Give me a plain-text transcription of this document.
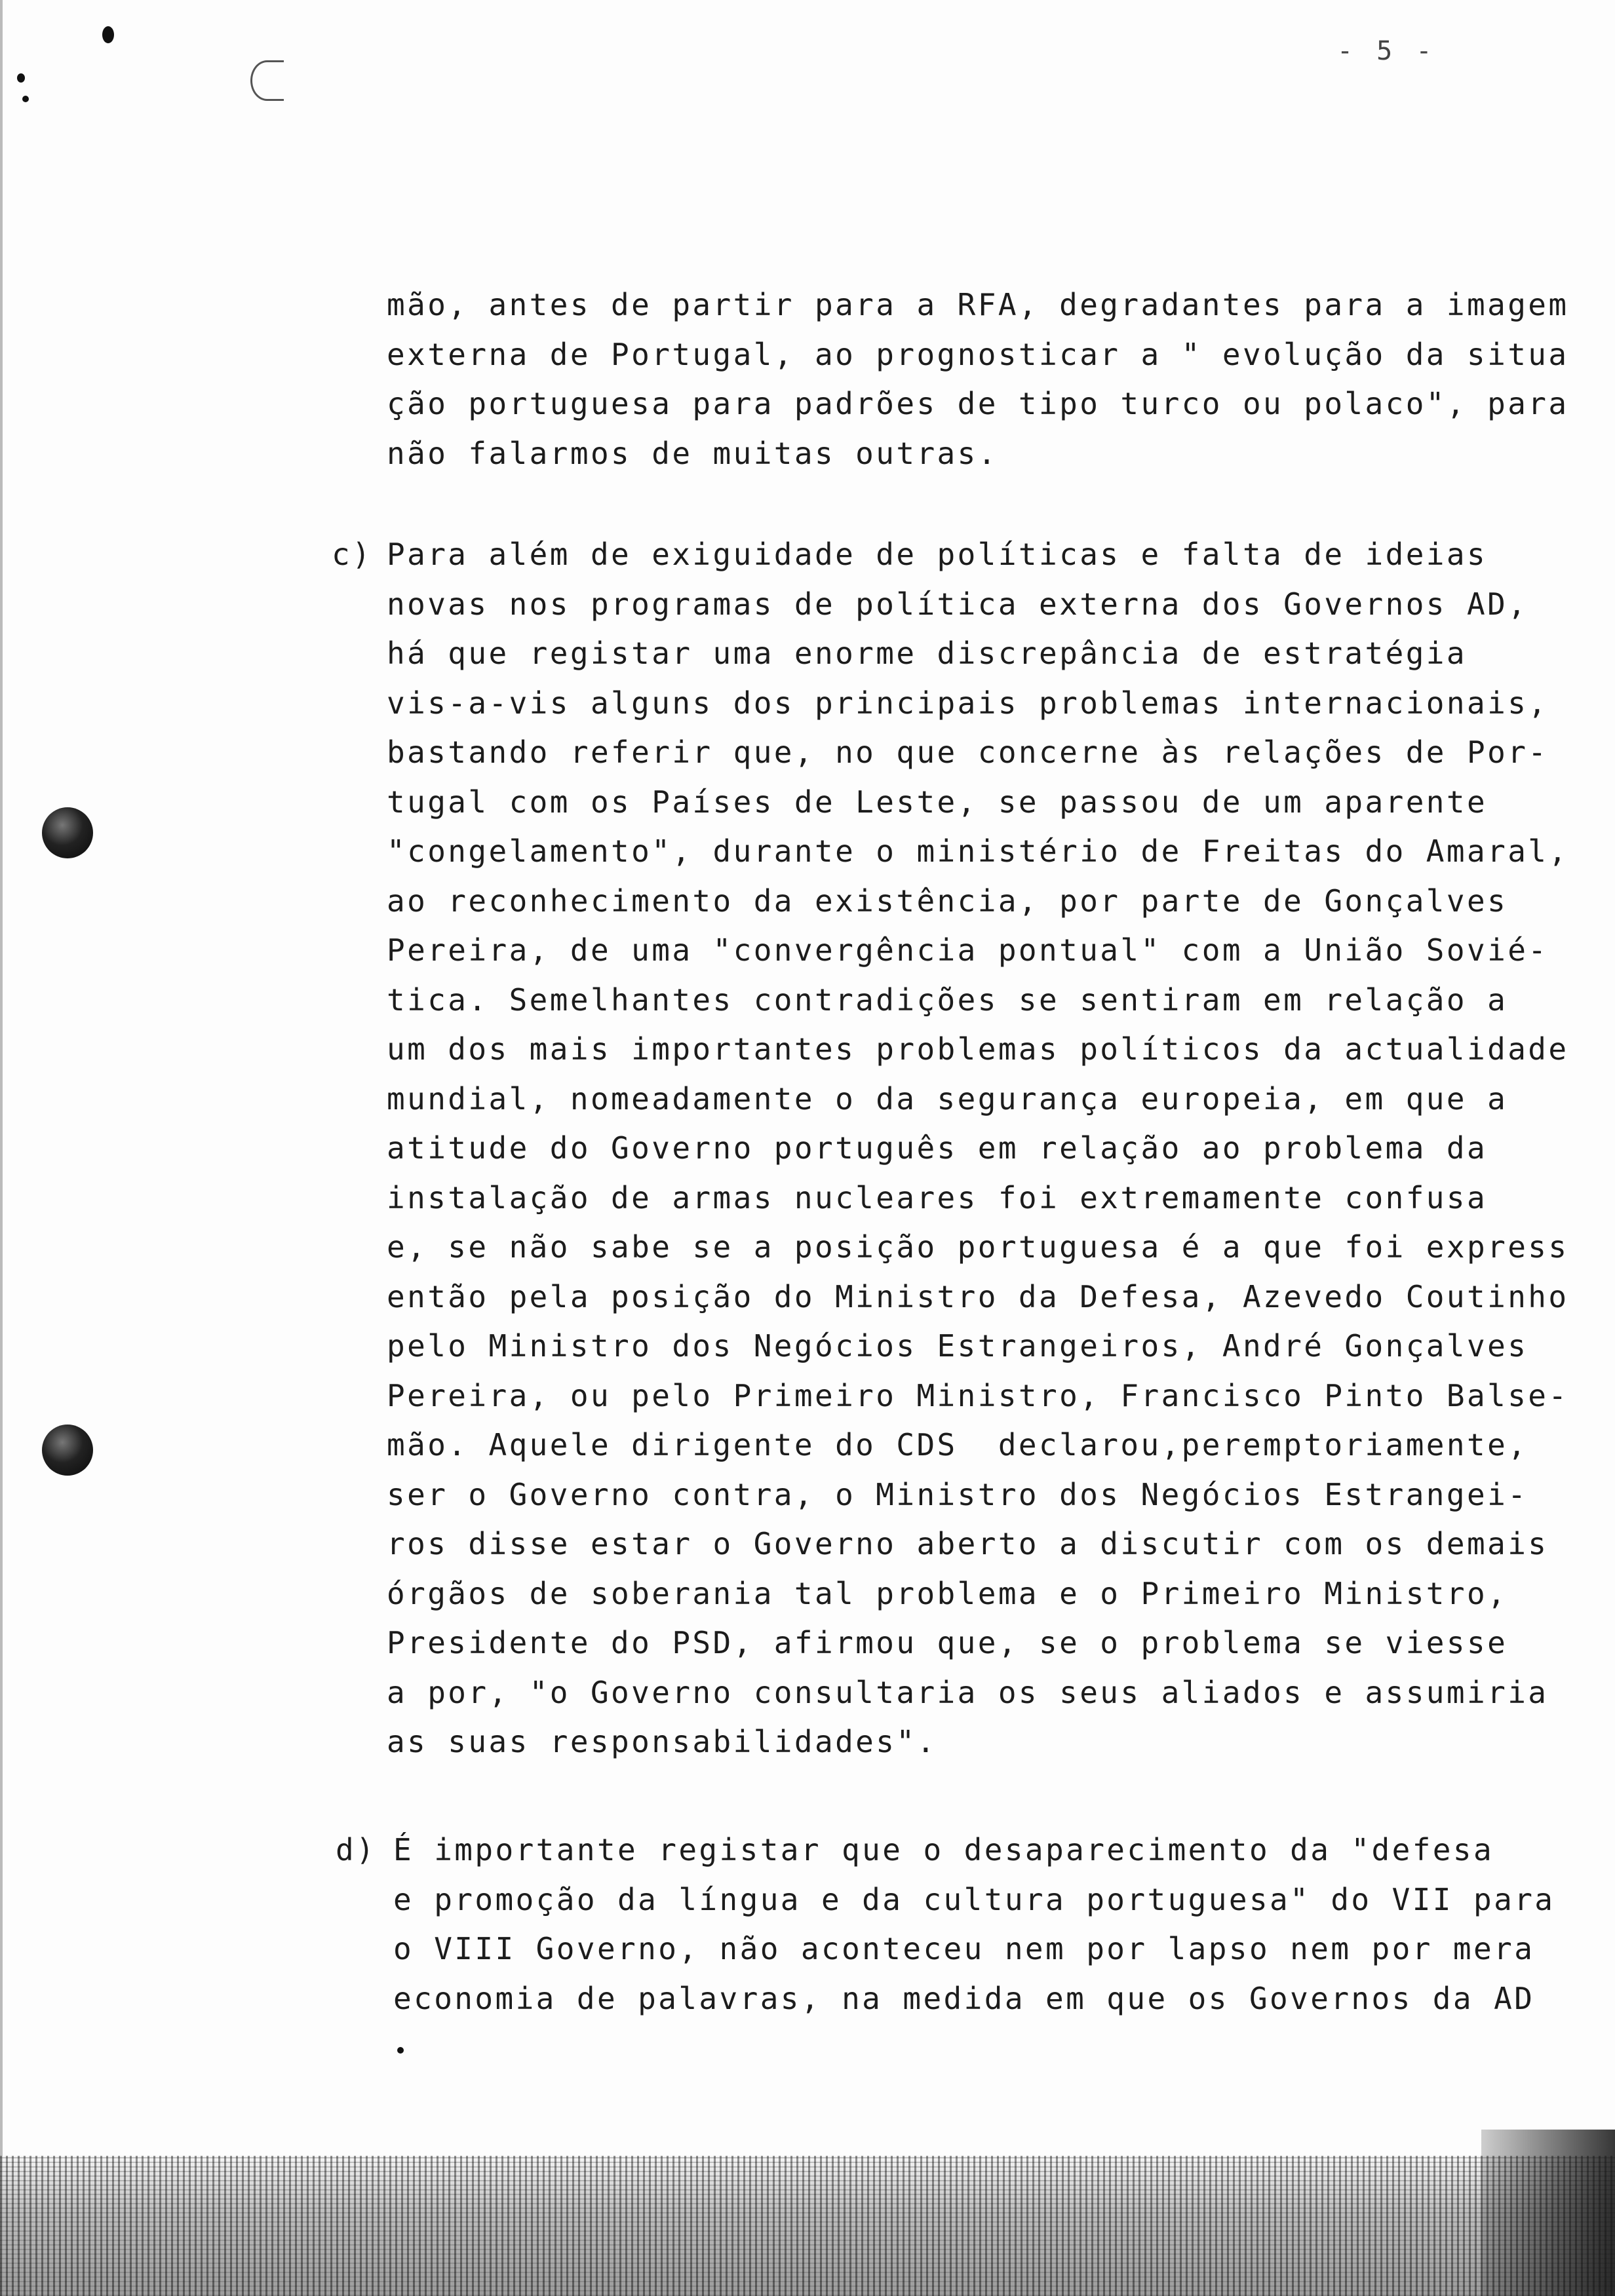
- 5 -

mão, antes de partir para a RFA, degradantes para a imagem
externa de Portugal, ao prognosticar a " evolução da situa
ção portuguesa para padrões de tipo turco ou polaco", para
não falarmos de muitas outras.

c) Para além de exiguidade de políticas e falta de ideias
novas nos programas de política externa dos Governos AD,
há que registar uma enorme discrepância de estratégia
vis-a-vis alguns dos principais problemas internacionais,
bastando referir que, no que concerne às relações de Por-
tugal com os Países de Leste, se passou de um aparente
"congelamento", durante o ministério de Freitas do Amaral,
ao reconhecimento da existência, por parte de Gonçalves
Pereira, de uma "convergência pontual" com a União Sovié-
tica. Semelhantes contradições se sentiram em relação a
um dos mais importantes problemas políticos da actualidade
mundial, nomeadamente o da segurança europeia, em que a
atitude do Governo português em relação ao problema da
instalação de armas nucleares foi extremamente confusa
e, se não sabe se a posição portuguesa é a que foi express
então pela posição do Ministro da Defesa, Azevedo Coutinho
pelo Ministro dos Negócios Estrangeiros, André Gonçalves
Pereira, ou pelo Primeiro Ministro, Francisco Pinto Balse-
mão. Aquele dirigente do CDS  declarou,peremptoriamente,
ser o Governo contra, o Ministro dos Negócios Estrangei-
ros disse estar o Governo aberto a discutir com os demais
órgãos de soberania tal problema e o Primeiro Ministro,
Presidente do PSD, afirmou que, se o problema se viesse
a por, "o Governo consultaria os seus aliados e assumiria
as suas responsabilidades".

d) É importante registar que o desaparecimento da "defesa
e promoção da língua e da cultura portuguesa" do VII para
o VIII Governo, não aconteceu nem por lapso nem por mera
economia de palavras, na medida em que os Governos da AD
